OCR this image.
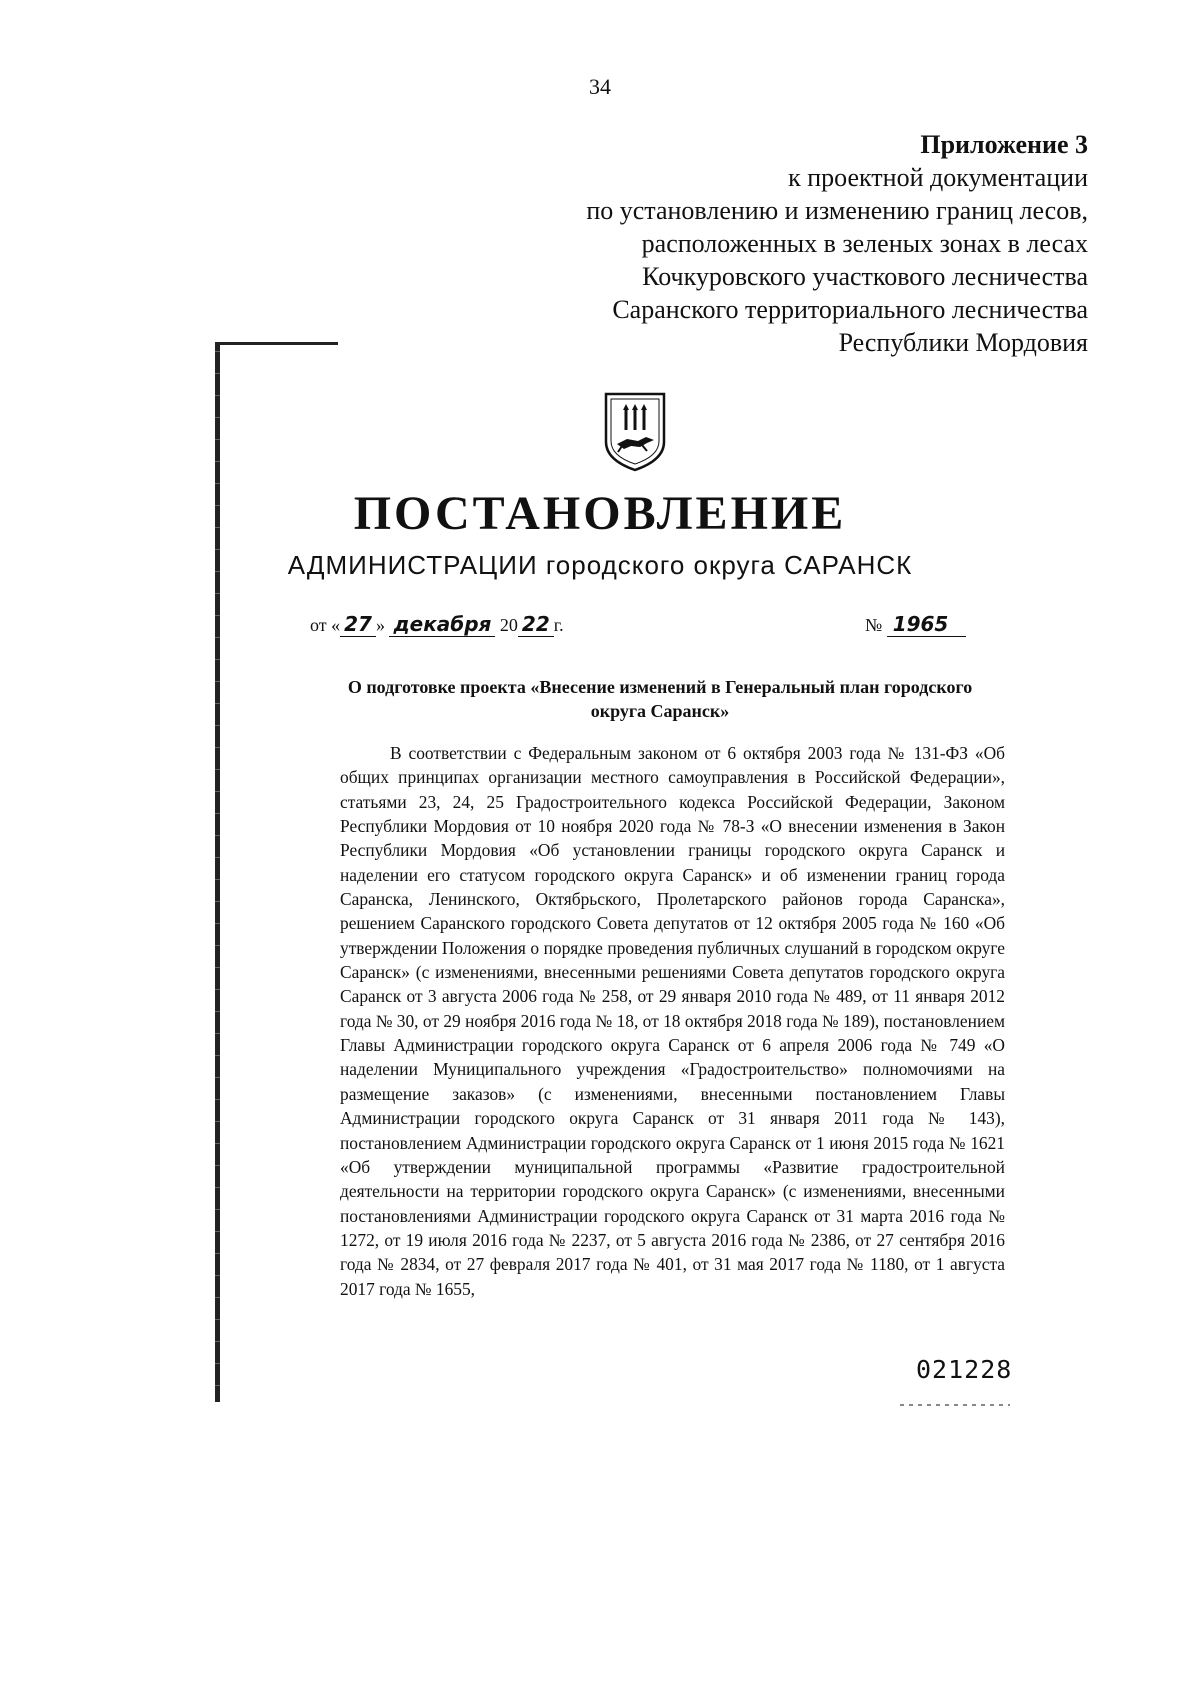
34
Приложение 3
к проектной документации
по установлению и изменению границ лесов,
расположенных в зеленых зонах в лесах
Кочкуровского участкового лесничества
Саранского территориального лесничества
Республики Мордовия
ПОСТАНОВЛЕНИЕ
АДМИНИСТРАЦИИ городского округа САРАНСК
от « 27 » декабря 20 22 г.	№ 1965
О подготовке проекта «Внесение изменений в Генеральный план городского округа Саранск»
В соответствии с Федеральным законом от 6 октября 2003 года № 131-ФЗ «Об общих принципах организации местного самоуправления в Российской Федерации», статьями 23, 24, 25 Градостроительного кодекса Российской Федерации, Законом Республики Мордовия от 10 ноября 2020 года № 78-З «О внесении изменения в Закон Республики Мордовия «Об установлении границы городского округа Саранск и наделении его статусом городского округа Саранск» и об изменении границ города Саранска, Ленинского, Октябрьского, Пролетарского районов города Саранска», решением Саранского городского Совета депутатов от 12 октября 2005 года № 160 «Об утверждении Положения о порядке проведения публичных слушаний в городском округе Саранск» (с изменениями, внесенными решениями Совета депутатов городского округа Саранск от 3 августа 2006 года № 258, от 29 января 2010 года № 489, от 11 января 2012 года № 30, от 29 ноября 2016 года № 18, от 18 октября 2018 года № 189), постановлением Главы Администрации городского округа Саранск от 6 апреля 2006 года № 749 «О наделении Муниципального учреждения «Градостроительство» полномочиями на размещение заказов» (с изменениями, внесенными постановлением Главы Администрации городского округа Саранск от 31 января 2011 года № 143), постановлением Администрации городского округа Саранск от 1 июня 2015 года № 1621 «Об утверждении муниципальной программы «Развитие градостроительной деятельности на территории городского округа Саранск» (с изменениями, внесенными постановлениями Администрации городского округа Саранск от 31 марта 2016 года № 1272, от 19 июля 2016 года № 2237, от 5 августа 2016 года № 2386, от 27 сентября 2016 года № 2834, от 27 февраля 2017 года № 401, от 31 мая 2017 года № 1180, от 1 августа 2017 года № 1655,
021228
